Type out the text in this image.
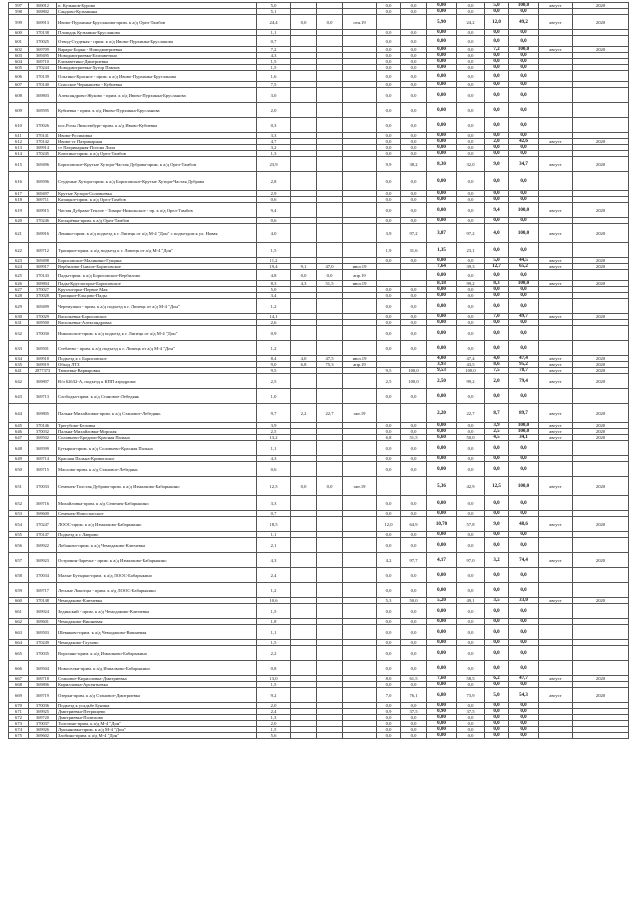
597	369012	п. Кулынов-Бурова	5,0				0,0	0,0	0,00	0,0	5,0	100,0	август	2020
598	369802	Сандово-Кузьминка	5,1				0,0	0,0	0,00	0,0	0,0	0,0		
599	369913	Ивово-Пурхинка-Брусланова-прим. к а/д Орел-Тамбов	24,4	0,0	0,0	сен.19			5,90	24,2	12,0	49,2	август	2020
600	370138	Площадь Кузьмина-Брусланова	1,1				0,0	0,0	0,00	0,0	0,0	0,0		
601	370025	Отвод-Студеная - прим. к а/д Ивово-Пурхинка-Брусланова	0,7				0,0	0,0	0,00	0,0	0,0	0,0		
602	369709	Вараро-Борки - Новодмитриевка	7,2				0,0	0,0	0,00	0,0	7,2	100,0	август	2020
603	369495	Новодмитриевка-Елизаветино	4,3				0,0	0,0	0,00	0,0	0,0	0,0		
604	369710	Елизаветино-Дмитриевка	1,5				0,0	0,0	0,00	0,0	0,0	0,0		
605	370244	Новодмитриевка-Хутор Павлов	1,5				0,0	0,0	0,00	0,0	0,0	0,0		
606	370139	Ольгино-Красное - прим. к а/д Ивово-Пурхинка-Брусланова	1,6				0,0	0,0	0,00	0,0	0,0	0,0		
607	370140	Спасское Чернышево - Кубиевка	7,5				0,0	0,0	0,00	0,0	0,0	0,0		
608	369803	Александрово-Жуково - прим. к а/д Ивово-Пурхинка-Брусланова	3,0				0,0	0,0	0,00	0,0	0,0	0,0		
609	369595	Кубиевка - прим. к а/д Ивово-Пурхинка-Брусланова	2,0				0,0	0,0	0,00	0,0	0,0	0,0		
610	370026	пос.Розы Люксембург-прим. к а/д Ивово-Кубиевка	0,3				0,0	0,0	0,00	0,0	0,0	0,0		
611	370141	Ивово-Росиновка	3,3				0,0	0,0	0,00	0,0	0,0	0,0		
612	370142	Ивово-ст Патрикарная	4,7				0,0	0,0	0,00	0,0	2,0	42,6	август	2020
613	369914	ст Патрикарная-Погона Лила	3,2				0,0	0,0	0,00	0,0	0,0	0,0		
614	370245	Клюгино-прим. к а/д Орел-Тамбов	1,3				0,0	0,0	0,00	0,0	0,0	0,0		
615	369496	Борисовское-Крутые Хутора-Частая Дубрава-прим. к а/д Орел-Тамбов	23,9				9,9	38,2	8,30	32,0	9,0	34,7	август	2020
616	369596	Студеные Хутора-прим. к а/д Борисовское-Крутые Хутора-Частая Дубрава	2,8				0,0	0,0	0,00	0,0	0,0	0,0		
617	369497	Крутые Хутора-Соловьевка	2,9				0,0	0,0	0,00	0,0	0,0	0,0		
618	369711	Казацкое-прим. к а/д Орел-Тамбов	0,6				0,0	0,0	0,00	0,0	0,0	0,0		
619	369915	Частая Дубрава-Теплое - Товаро-Никольское - пр. к а/д Орел-Тамбов	9,4				0,0	0,0	0,00	0,0	9,4	100,0	август	2020
620	370246	Косырёвка-прим. к а/д Орел-Тамбов	0,6				0,0	0,0	0,00	0,0	0,0	0,0		
621	369916	Ленино-прим. к а/д подъезд к г. Липецк от а/д М-4 "Дон" с подъездом к ул. Новая	4,0				3,9	97,2	3,87	97,2	4,0	100,0	август	2020
622	369712	Троицкое-прим. к а/д подъезд к г. Липецк от а/д М-4 "Дон"	1,5				1,9	31,6	1,35	23,1	0,0	0,0		
623	369498	Борисовское-Малинино-Гущина	11,2				0,0	0,0	0,00	0,0	5,0	44,5	август	2020
624	369917	Вербилово-Гнилое-Борисовское	19,4	9,1	47,0	июл.19			7,64	39,3	12,7	65,2	август	2020
625	370143	Пады-прим. к а/д Борисовское-Вербилово	4,8	0,0	0,0	апр.19			0,00	0,0	0,0	0,0		
626	369804	Пады-Круглогорье-Борисовское	8,3	4,3	51,5	июл.19			8,18	99,2	8,3	100,0	август	2020
627	370027	Круглогорье-Первое Мая	5,0				0,0	0,0	0,00	0,0	0,0	0,0		
628	370028	Троицкое-Ельцово-Пады	3,4				0,0	0,0	0,00	0,0	0,0	0,0		
629	369499	Черемушки - прим. к а/д подъезд к г. Липецк от а/д М-4 "Дон"	1,2				0,0	0,0	0,00	0,0	0,0	0,0		
630	370029	Васильевка-Борисовское	14,1				0,0	0,0	0,00	0,0	7,0	49,7	август	2020
631	369500	Васильевка-Александровка	2,6				0,0	0,0	0,00	0,0	0,0	0,0		
632	370030	Никольское-прим. к а/д подъезд к г. Липецк от а/д М-4 "Дон"	0,9				0,0	0,0	0,00	0,0	0,0	0,0		
633	369501	Стебаево - прим. к а/д подъезд к г. Липецк от а/д М-4 "Дон"	1,2				0,0	0,0	0,00	0,0	0,0	0,0		
634	369918	Подъезд к с Борисовское	8,4	4,0	47,5	июл.19			4,00	47,4	4,0	47,4	август	2020
635	369919	Обход ЛТЗ	9,0	6,8	75,3	апр.19			3,93	43,5	8,6	95,2	август	2020
641	2877373	Тюшевка-Варваровка	9,5				9,5	100,0	9,53	100,0	7,5	78,7	август	2020
642	369807	В/ч 62632-А, подъезд к КПП аэродрома	2,5				2,5	100,0	2,50	99,2	2,0	79,4	август	2020
643	369713	Слободка-прим. к а/д Становое-Лебедянь	1,0				0,0	0,0	0,00	0,0	0,0	0,0		
644	369805	Пальна-Михайловка-прим. к а/д Становое-Лебедянь	9,7	2,2	22,7	окт.19			2,20	22,7	8,7	89,7	август	2020
645	370146	Трегубово-Беловка	3,9				0,0	0,0	0,00	0,0	3,9	100,0	август	2020
646	370032	Пальна-Михайловка-Морская	2,5				0,0	0,0	0,00	0,0	2,5	100,0	август	2020
647	369502	Соловьево-Бредихи-Красная Пальна	13,2				6,8	51,5	6,60	50,0	4,5	34,1	август	2020
648	369599	Бутырки-прим. к а/д Соловьево-Красная Пальна	1,1				0,0	0,0	0,00	0,0	0,0	0,0		
649	369714	Красная Пальна-Кривополье	4,3				0,0	0,0	0,00	0,0	0,0	0,0		
650	369715	Маслово-прим. к а/д Становое-Лебедянь	0,6				0,0	0,0	0,00	0,0	0,0	0,0		
651	370033	Семенек-Толстая Дубрава-прим. к а/д Измалково-Бабарыкино	12,5	0,0	0,0	окт.19			5,36	42,9	12,5	100,0	август	2020
652	369716	Михайловка-прим. к а/д Семенек-Бабарыкино	3,3				0,0	0,0	0,00	0,0	0,0	0,0		
653	369600	Семенек-Новоспасское	0,7				0,0	0,0	0,00	0,0	0,0	0,0		
654	370247	ЛООС-прим. к а/д Измалково-Бабарыкино	18,5				12,0	64,9	10,70	57,8	9,0	48,6	август	2020
655	370147	Подъезд к с Лаврово	1,1				0,0	0,0	0,00	0,0	0,0	0,0		
656	369922	Лобаново-прим. к а/д Чемодаково-Ключевка	2,1				0,0	0,0	0,00	0,0	0,0	0,0		
657	369923	Островин-Заречье - прим. к а/д Измалково-Бабарыкино	4,3				4,2	97,7	4,17	97,0	3,2	74,4	август	2020
658	370034	Малые Бутырки-прим. к а/д ЛООС-Бабарыкино	2,4				0,0	0,0	0,00	0,0	0,0	0,0		
659	369717	Лесные Локотцы - прим. к а/д ЛООС-Бабарыкино	1,2				0,0	0,0	0,00	0,0	0,0	0,0		
660	370148	Чемодаково-Ключевка	10,6				5,3	50,0	5,20	49,1	3,5	33,0	август	2020
661	369924	Зединский - прим. к а/д Чемодаково-Ключевка	1,5				0,0	0,0	0,00	0,0	0,0	0,0		
662	369601	Чемодаково-Вишневая	1,8				0,0	0,0	0,00	0,0	0,0	0,0		
663	369503	Шевяково-прим. к а/д Чемодаково-Вишневая	1,1				0,0	0,0	0,00	0,0	0,0	0,0		
664	370249	Чемодаково-Глухово	1,5				0,0	0,0	0,00	0,0	0,0	0,0		
665	370035	Воргляно-прим. к а/д Измалково-Бабарыкино	2,2				0,0	0,0	0,00	0,0	0,0	0,0		
666	369504	Новоселки-прим. к а/д Измалково-Бабарыкино	0,8				0,0	0,0	0,00	0,0	0,0	0,0		
667	369718	Становое-Кирилловка-Дмитриевка	13,0				8,0	61,5	7,60	58,5	6,2	47,7	август	2020
668	369806	Кирилловка-Арсентьевка	1,5				0,0	0,0	0,00	0,0	0,0	0,0		
669	369719	Озерки-прим. к а/д Становое-Дмитриевка	9,2				7,0	76,1	6,80	73,9	5,0	54,3	август	2020
670	370036	Подъезд к усадьбе Бунина	2,0				0,0	0,0	0,00	0,0	0,0	0,0		
671	369925	Дмитриевка-Петрищево	2,4				0,9	37,5	0,90	37,5	0,0	0,0		
672	369720	Дмитриевка-Полюхово	1,3				0,0	0,0	0,00	0,0	0,0	0,0		
673	370037	Толстино-прим. к а/д М-4 "Дон"	2,0				0,0	0,0	0,00	0,0	0,0	0,0		
674	369926	Лукьяновка-прим. к а/д М-4 "Дон"	1,5				0,0	0,0	0,00	0,0	0,0	0,0		
675	369602	Злобино-прим. к а/д М-4 "Дон"	5,6				0,0	0,0	0,00	0,0	0,0	0,0		
